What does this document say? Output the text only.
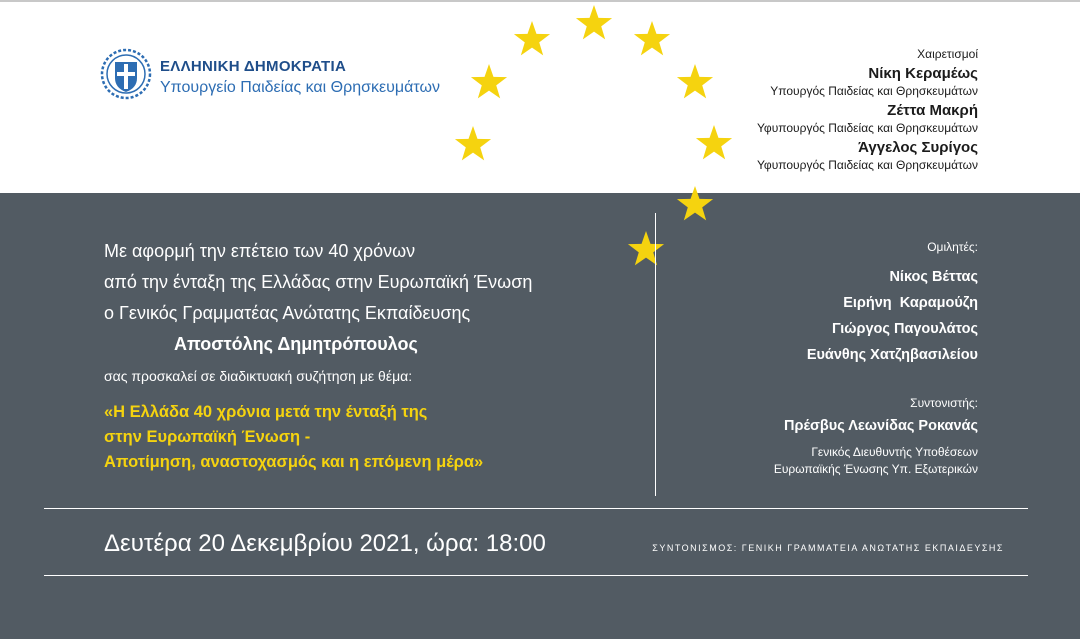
ΕΛΛΗΝΙΚΗ ΔΗΜΟΚΡΑΤΙΑ
Υπουργείο Παιδείας και Θρησκευμάτων
Χαιρετισμοί
Νίκη Κεραμέως
Υπουργός Παιδείας και Θρησκευμάτων
Ζέττα Μακρή
Υφυπουργός Παιδείας και Θρησκευμάτων
Άγγελος Συρίγος
Υφυπουργός Παιδείας και Θρησκευμάτων
Με αφορμή την επέτειο των 40 χρόνων
από την ένταξη της Ελλάδας στην Ευρωπαϊκή Ένωση
ο Γενικός Γραμματέας Ανώτατης Εκπαίδευσης
Αποστόλης Δημητρόπουλος
σας προσκαλεί σε διαδικτυακή συζήτηση με θέμα:
«Η Ελλάδα 40 χρόνια μετά την ένταξή της
στην Ευρωπαϊκή Ένωση -
Αποτίμηση, αναστοχασμός και η επόμενη μέρα»
Ομιλητές:
Νίκος Βέττας
Ειρήνη  Καραμούζη
Γιώργος Παγουλάτος
Ευάνθης Χατζηβασιλείου
Συντονιστής:
Πρέσβυς Λεωνίδας Ροκανάς
Γενικός Διευθυντής Υποθέσεων
Ευρωπαϊκής Ένωσης Υπ. Εξωτερικών
Δευτέρα 20 Δεκεμβρίου 2021, ώρα: 18:00	ΣΥΝΤΟΝΙΣΜΟΣ: ΓΕΝΙΚΗ ΓΡΑΜΜΑΤΕΙΑ ΑΝΩΤΑΤΗΣ ΕΚΠΑΙΔΕΥΣΗΣ
